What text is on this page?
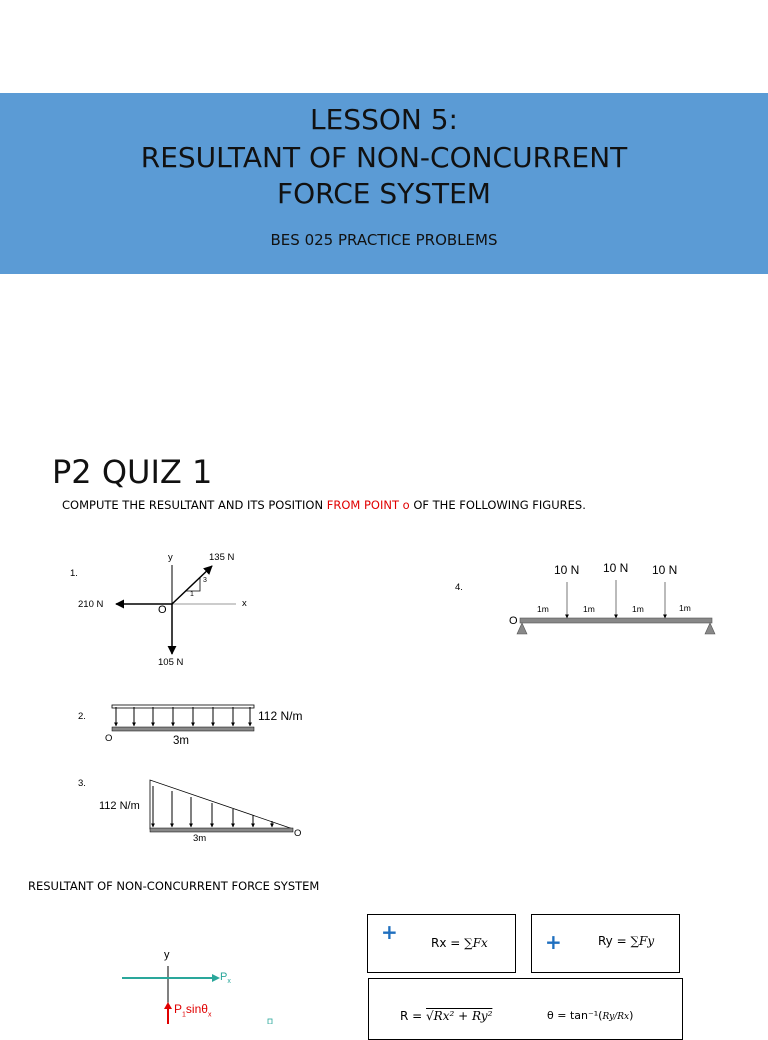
LESSON 5:
RESULTANT OF NON-CONCURRENT
FORCE SYSTEM
BES 025 PRACTICE PROBLEMS
P2 QUIZ 1
COMPUTE THE RESULTANT AND ITS POSITION FROM POINT o OF THE FOLLOWING FIGURES.
1.
y
x
135 N
210 N
105 N
O
3
1
2.	112 N/m
O	3m
3.
112 N/m
O
3m
4.
10 N 10 N 10 N
O
1m	1m	1m	1m
RESULTANT OF NON-CONCURRENT FORCE SYSTEM
y
$P_x$
$P_1\sin\theta_x$
+	Rx = ∑Fx	+	Ry = ∑Fy
R = √Rx² + Ry²	θ = tan⁻¹(Ry/Rx)
